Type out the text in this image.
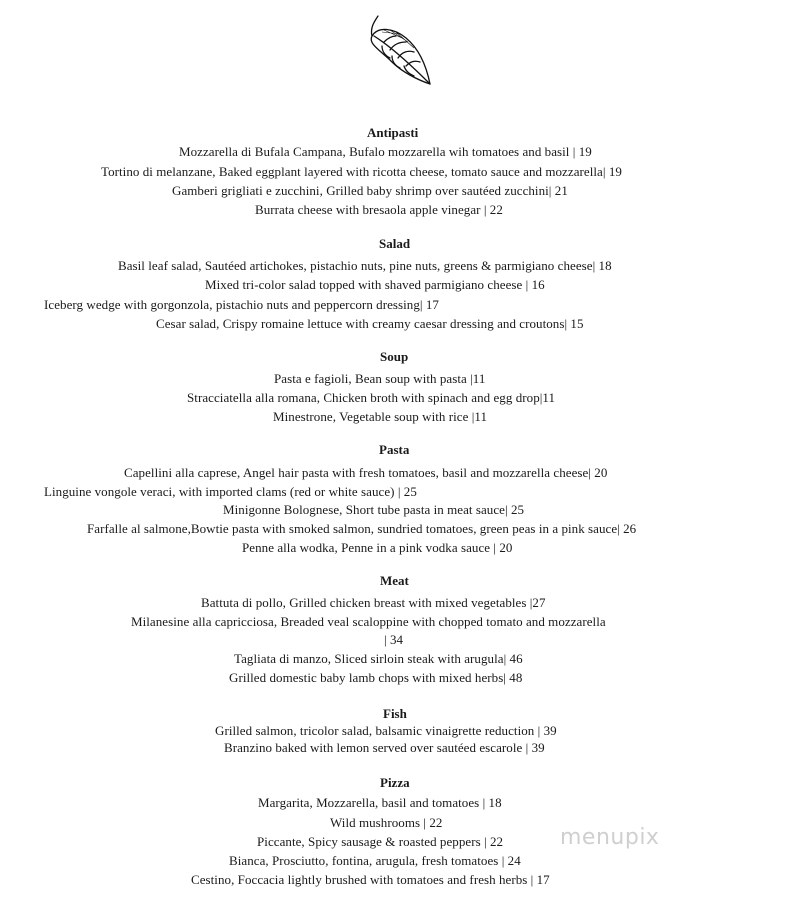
Antipasti
Mozzarella di Bufala Campana, Bufalo mozzarella wih tomatoes and basil | 19
Tortino di melanzane, Baked eggplant layered with ricotta cheese, tomato sauce and mozzarella| 19
Gamberi grigliati e zucchini, Grilled baby shrimp over sautéed zucchini| 21
Burrata cheese with bresaola apple vinegar | 22
Salad
Basil leaf salad, Sautéed artichokes, pistachio nuts, pine nuts, greens & parmigiano cheese| 18
Mixed tri-color salad topped with shaved parmigiano cheese | 16
Iceberg wedge with gorgonzola, pistachio nuts and peppercorn dressing| 17
Cesar salad, Crispy romaine lettuce with creamy caesar dressing and croutons| 15
Soup
Pasta e fagioli, Bean soup with pasta |11
Stracciatella alla romana, Chicken broth with spinach and egg drop|11
Minestrone, Vegetable soup with rice |11
Pasta
Capellini alla caprese, Angel hair pasta with fresh tomatoes, basil and mozzarella cheese| 20
Linguine vongole veraci, with imported clams (red or white sauce) | 25
Minigonne Bolognese, Short tube pasta in meat sauce| 25
Farfalle al salmone,Bowtie pasta with smoked salmon, sundried tomatoes, green peas in a pink sauce| 26
Penne alla wodka, Penne in a pink vodka sauce | 20
Meat
Battuta di pollo, Grilled chicken breast with mixed vegetables |27
Milanesine alla capricciosa, Breaded veal scaloppine with chopped tomato and mozzarella
| 34
Tagliata di manzo, Sliced sirloin steak with arugula| 46
Grilled domestic baby lamb chops with mixed herbs| 48
Fish
Grilled salmon, tricolor salad, balsamic vinaigrette reduction | 39
Branzino baked with lemon served over sautéed escarole | 39
Pizza
Margarita, Mozzarella, basil and tomatoes | 18
Wild mushrooms | 22
Piccante, Spicy sausage & roasted peppers | 22
Bianca, Prosciutto, fontina, arugula, fresh tomatoes | 24
Cestino, Foccacia lightly brushed with tomatoes and fresh herbs | 17
menupix
